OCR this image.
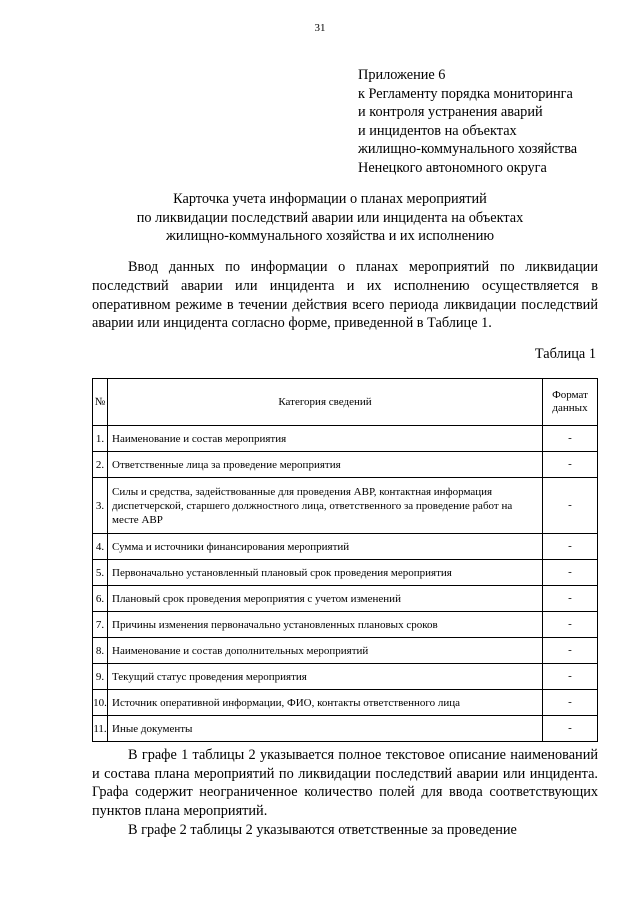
31
Приложение 6
к Регламенту порядка мониторинга
и контроля устранения аварий
и инцидентов на объектах
жилищно-коммунального хозяйства
Ненецкого автономного округа
Карточка учета информации о планах мероприятий
по ликвидации последствий аварии или инцидента на объектах
жилищно-коммунального хозяйства и их исполнению

Ввод данных по информации о планах мероприятий по ликвидации последствий аварии или инцидента и их исполнению осуществляется в оперативном режиме в течении действия всего периода ликвидации последствий аварии или инцидента согласно форме, приведенной в Таблице 1.

Таблица 1
№	Категория сведений	Формат данных
1.	Наименование и состав мероприятия	-
2.	Ответственные лица за проведение мероприятия	-
3.	Силы и средства, задействованные для проведения АВР, контактная информация диспетчерской, старшего должностного лица, ответственного за проведение работ на месте АВР	-
4.	Сумма и источники финансирования мероприятий	-
5.	Первоначально установленный плановый срок проведения мероприятия	-
6.	Плановый срок проведения мероприятия с учетом изменений	-
7.	Причины изменения первоначально установленных плановых сроков	-
8.	Наименование и состав дополнительных мероприятий	-
9.	Текущий статус проведения мероприятия	-
10.	Источник оперативной информации, ФИО, контакты ответственного лица	-
11.	Иные документы	-

В графе 1 таблицы 2 указывается полное текстовое описание наименований и состава плана мероприятий по ликвидации последствий аварии или инцидента. Графа содержит неограниченное количество полей для ввода соответствующих пунктов плана мероприятий.

В графе 2 таблицы 2 указываются ответственные за проведение
